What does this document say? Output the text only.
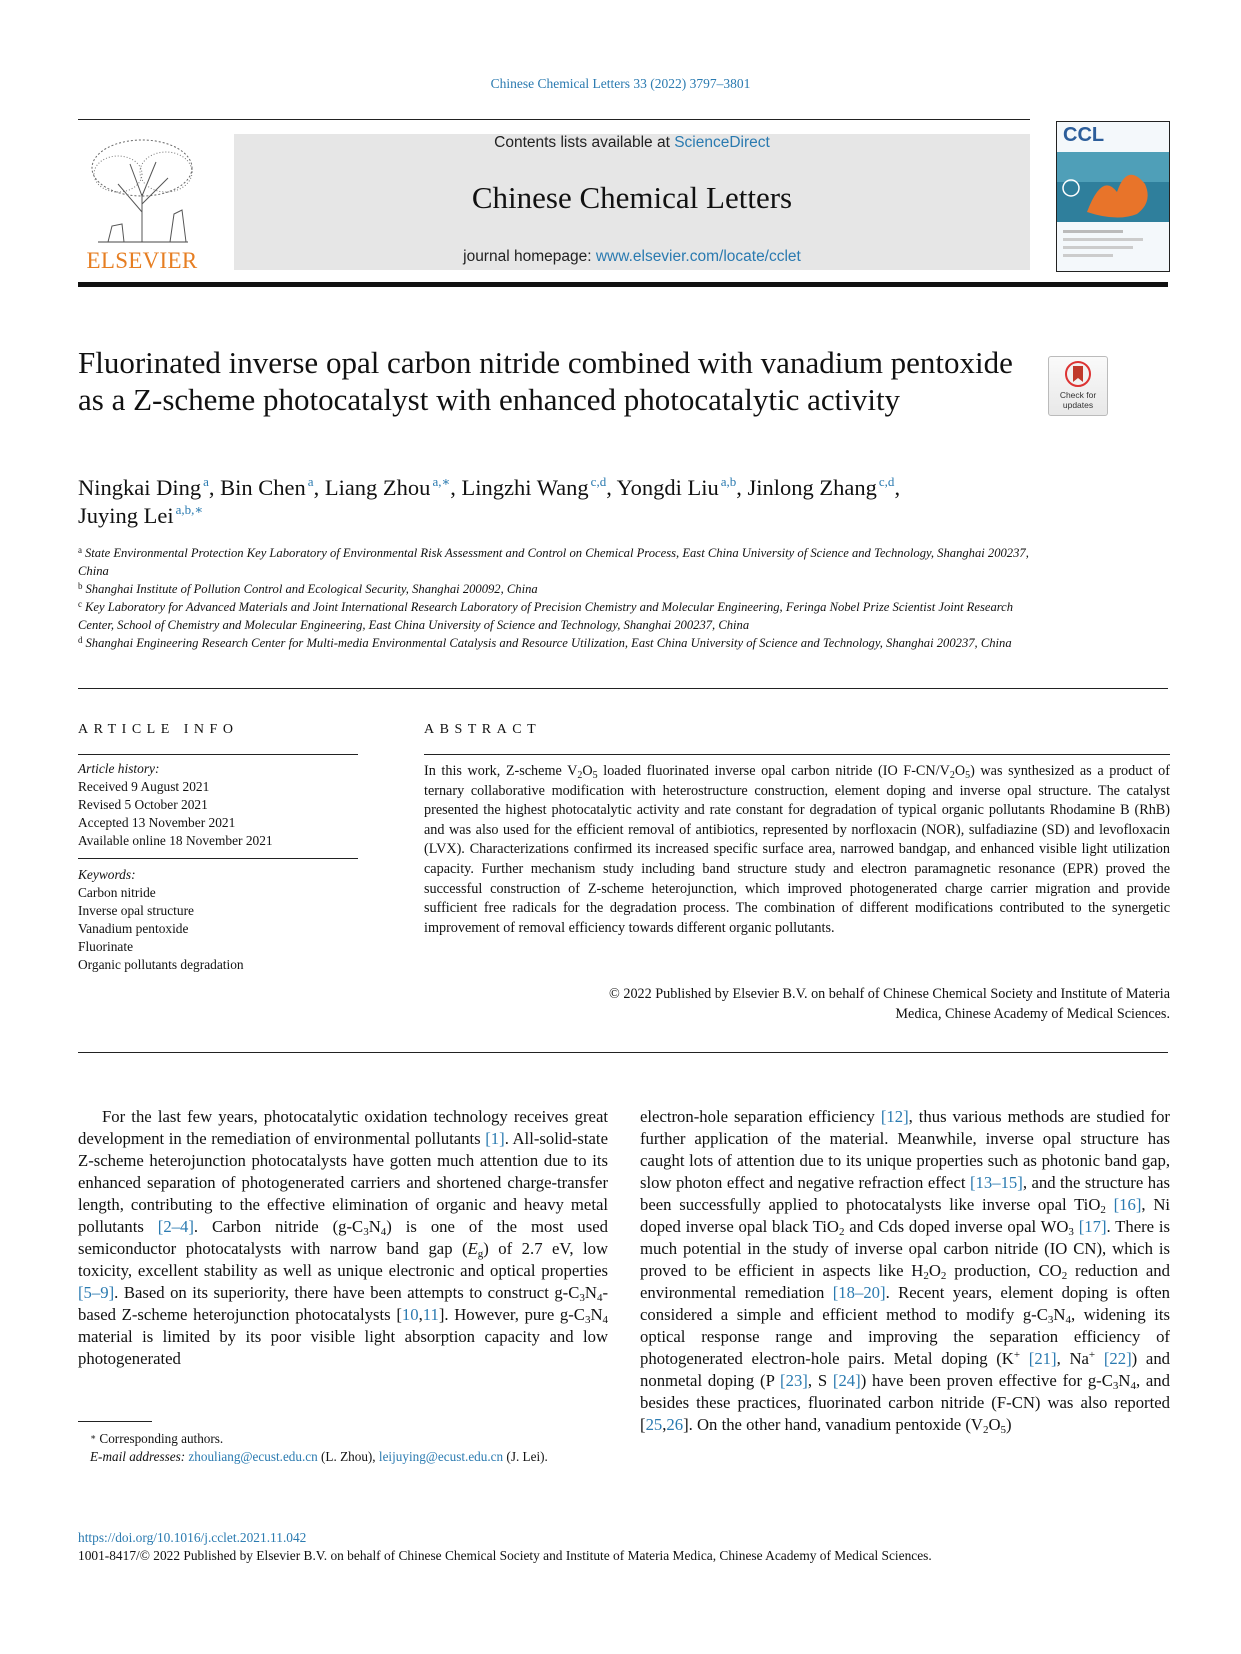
Chinese Chemical Letters 33 (2022) 3797–3801
ELSEVIER
Contents lists available at ScienceDirect
Chinese Chemical Letters
journal homepage: www.elsevier.com/locate/cclet
CCL
Fluorinated inverse opal carbon nitride combined with vanadium pentoxide as a Z-scheme photocatalyst with enhanced photocatalytic activity	Check for
updates
Ningkai Ding $^a$, Bin Chen $^a$, Liang Zhou $^{a,∗}$, Lingzhi Wang $^{c,d}$, Yongdi Liu $^{a,b}$, Jinlong Zhang $^{c,d}$,
Juying Lei $^{a,b,∗}$
$^a$ State Environmental Protection Key Laboratory of Environmental Risk Assessment and Control on Chemical Process, East China University of Science and Technology, Shanghai 200237, China
$^b$ Shanghai Institute of Pollution Control and Ecological Security, Shanghai 200092, China
$^c$ Key Laboratory for Advanced Materials and Joint International Research Laboratory of Precision Chemistry and Molecular Engineering, Feringa Nobel Prize Scientist Joint Research Center, School of Chemistry and Molecular Engineering, East China University of Science and Technology, Shanghai 200237, China
$^d$ Shanghai Engineering Research Center for Multi-media Environmental Catalysis and Resource Utilization, East China University of Science and Technology, Shanghai 200237, China
ARTICLE INFO
Article history:
Received 9 August 2021
Revised 5 October 2021
Accepted 13 November 2021
Available online 18 November 2021
Keywords:
Carbon nitride
Inverse opal structure
Vanadium pentoxide
Fluorinate
Organic pollutants degradation
ABSTRACT
In this work, Z-scheme $V_2O_5$ loaded fluorinated inverse opal carbon nitride (IO $F-CN/V_2O_5$) was synthesized as a product of ternary collaborative modification with heterostructure construction, element doping and inverse opal structure. The catalyst presented the highest photocatalytic activity and rate constant for degradation of typical organic pollutants Rhodamine B (RhB) and was also used for the efficient removal of antibiotics, represented by norfloxacin (NOR), sulfadiazine (SD) and levofloxacin (LVX). Characterizations confirmed its increased specific surface area, narrowed bandgap, and enhanced visible light utilization capacity. Further mechanism study including band structure study and electron paramagnetic resonance (EPR) proved the successful construction of Z-scheme heterojunction, which improved photogenerated charge carrier migration and provide sufficient free radicals for the degradation process. The combination of different modifications contributed to the synergetic improvement of removal efficiency towards different organic pollutants.
© 2022 Published by Elsevier B.V. on behalf of Chinese Chemical Society and Institute of Materia
Medica, Chinese Academy of Medical Sciences.

For the last few years, photocatalytic oxidation technology receives great development in the remediation of environmental pollutants [1]. All-solid-state Z-scheme heterojunction photocatalysts have gotten much attention due to its enhanced separation of photogenerated carriers and shortened charge-transfer length, contributing to the effective elimination of organic and heavy metal pollutants [2–4]. Carbon nitride $(g-C_3N_4)$ is one of the most used semiconductor photocatalysts with narrow band gap $(E_g)$ of 2.7 eV, low toxicity, excellent stability as well as unique electronic and optical properties [5–9]. Based on its superiority, there have been attempts to construct $g-C_3N_4$-based Z-scheme heterojunction photocatalysts [10,11]. However, pure $g-C_3N_4$ material is limited by its poor visible light absorption capacity and low photogenerated

electron-hole separation efficiency [12], thus various methods are studied for further application of the material. Meanwhile, inverse opal structure has caught lots of attention due to its unique properties such as photonic band gap, slow photon effect and negative refraction effect [13–15], and the structure has been successfully applied to photocatalysts like inverse opal TiO$_2$ [16], Ni doped inverse opal black TiO$_2$ and Cds doped inverse opal $WO_3$ [17]. There is much potential in the study of inverse opal carbon nitride (IO CN), which is proved to be efficient in aspects like $H_2O_2$ production, $CO_2$ reduction and environmental remediation [18–20]. Recent years, element doping is often considered a simple and efficient method to modify $g-C_3N_4$, widening its optical response range and improving the separation efficiency of photogenerated electron-hole pairs. Metal doping (K+ [21], Na+ [22]) and nonmetal doping (P [23], S [24]) have been proven effective for $g-C_3N_4$, and besides these practices, fluorinated carbon nitride (F-CN) was also reported [25,26]. On the other hand, vanadium pentoxide $(V_2O_5)$

∗ Corresponding authors.
E-mail addresses: zhouliang@ecust.edu.cn (L. Zhou), leijuying@ecust.edu.cn (J. Lei).
https://doi.org/10.1016/j.cclet.2021.11.042
1001-8417/© 2022 Published by Elsevier B.V. on behalf of Chinese Chemical Society and Institute of Materia Medica, Chinese Academy of Medical Sciences.
